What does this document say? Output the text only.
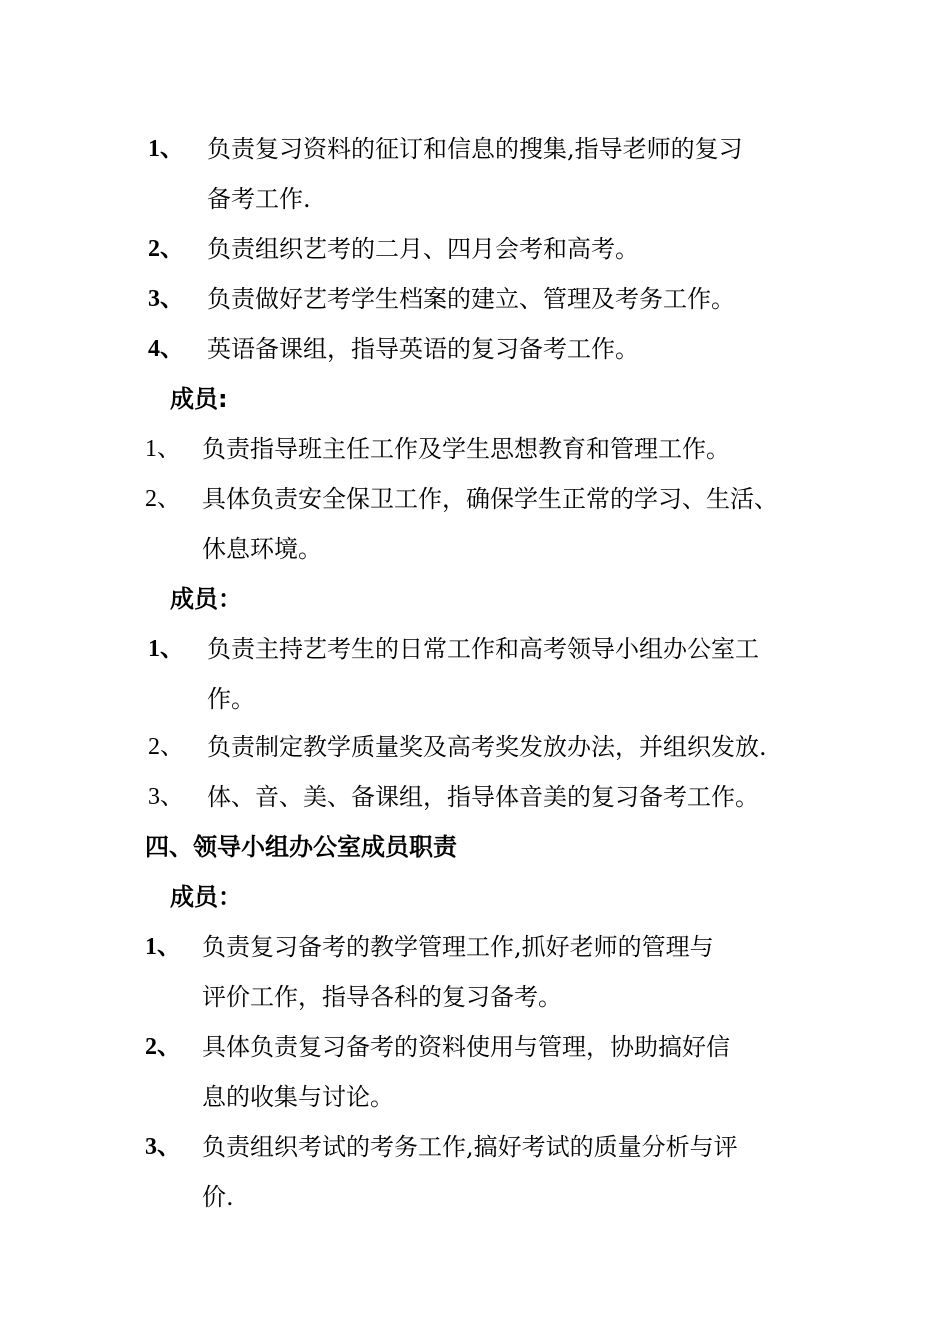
1、 负责复习资料的征订和信息的搜集,指导老师的复习
备考工作.
2、 负责组织艺考的二月、四月会考和高考。
3、 负责做好艺考学生档案的建立、管理及考务工作。
4、 英语备课组，指导英语的复习备考工作。
成员:
1、 负责指导班主任工作及学生思想教育和管理工作。
2、 具体负责安全保卫工作，确保学生正常的学习、生活、
休息环境。
成员：
1、 负责主持艺考生的日常工作和高考领导小组办公室工
作。
2、 负责制定教学质量奖及高考奖发放办法，并组织发放.
3、 体、音、美、备课组，指导体音美的复习备考工作。
四、领导小组办公室成员职责
成员：
1、 负责复习备考的教学管理工作,抓好老师的管理与
评价工作，指导各科的复习备考。
2、 具体负责复习备考的资料使用与管理，协助搞好信
息的收集与讨论。
3、 负责组织考试的考务工作,搞好考试的质量分析与评
价.
